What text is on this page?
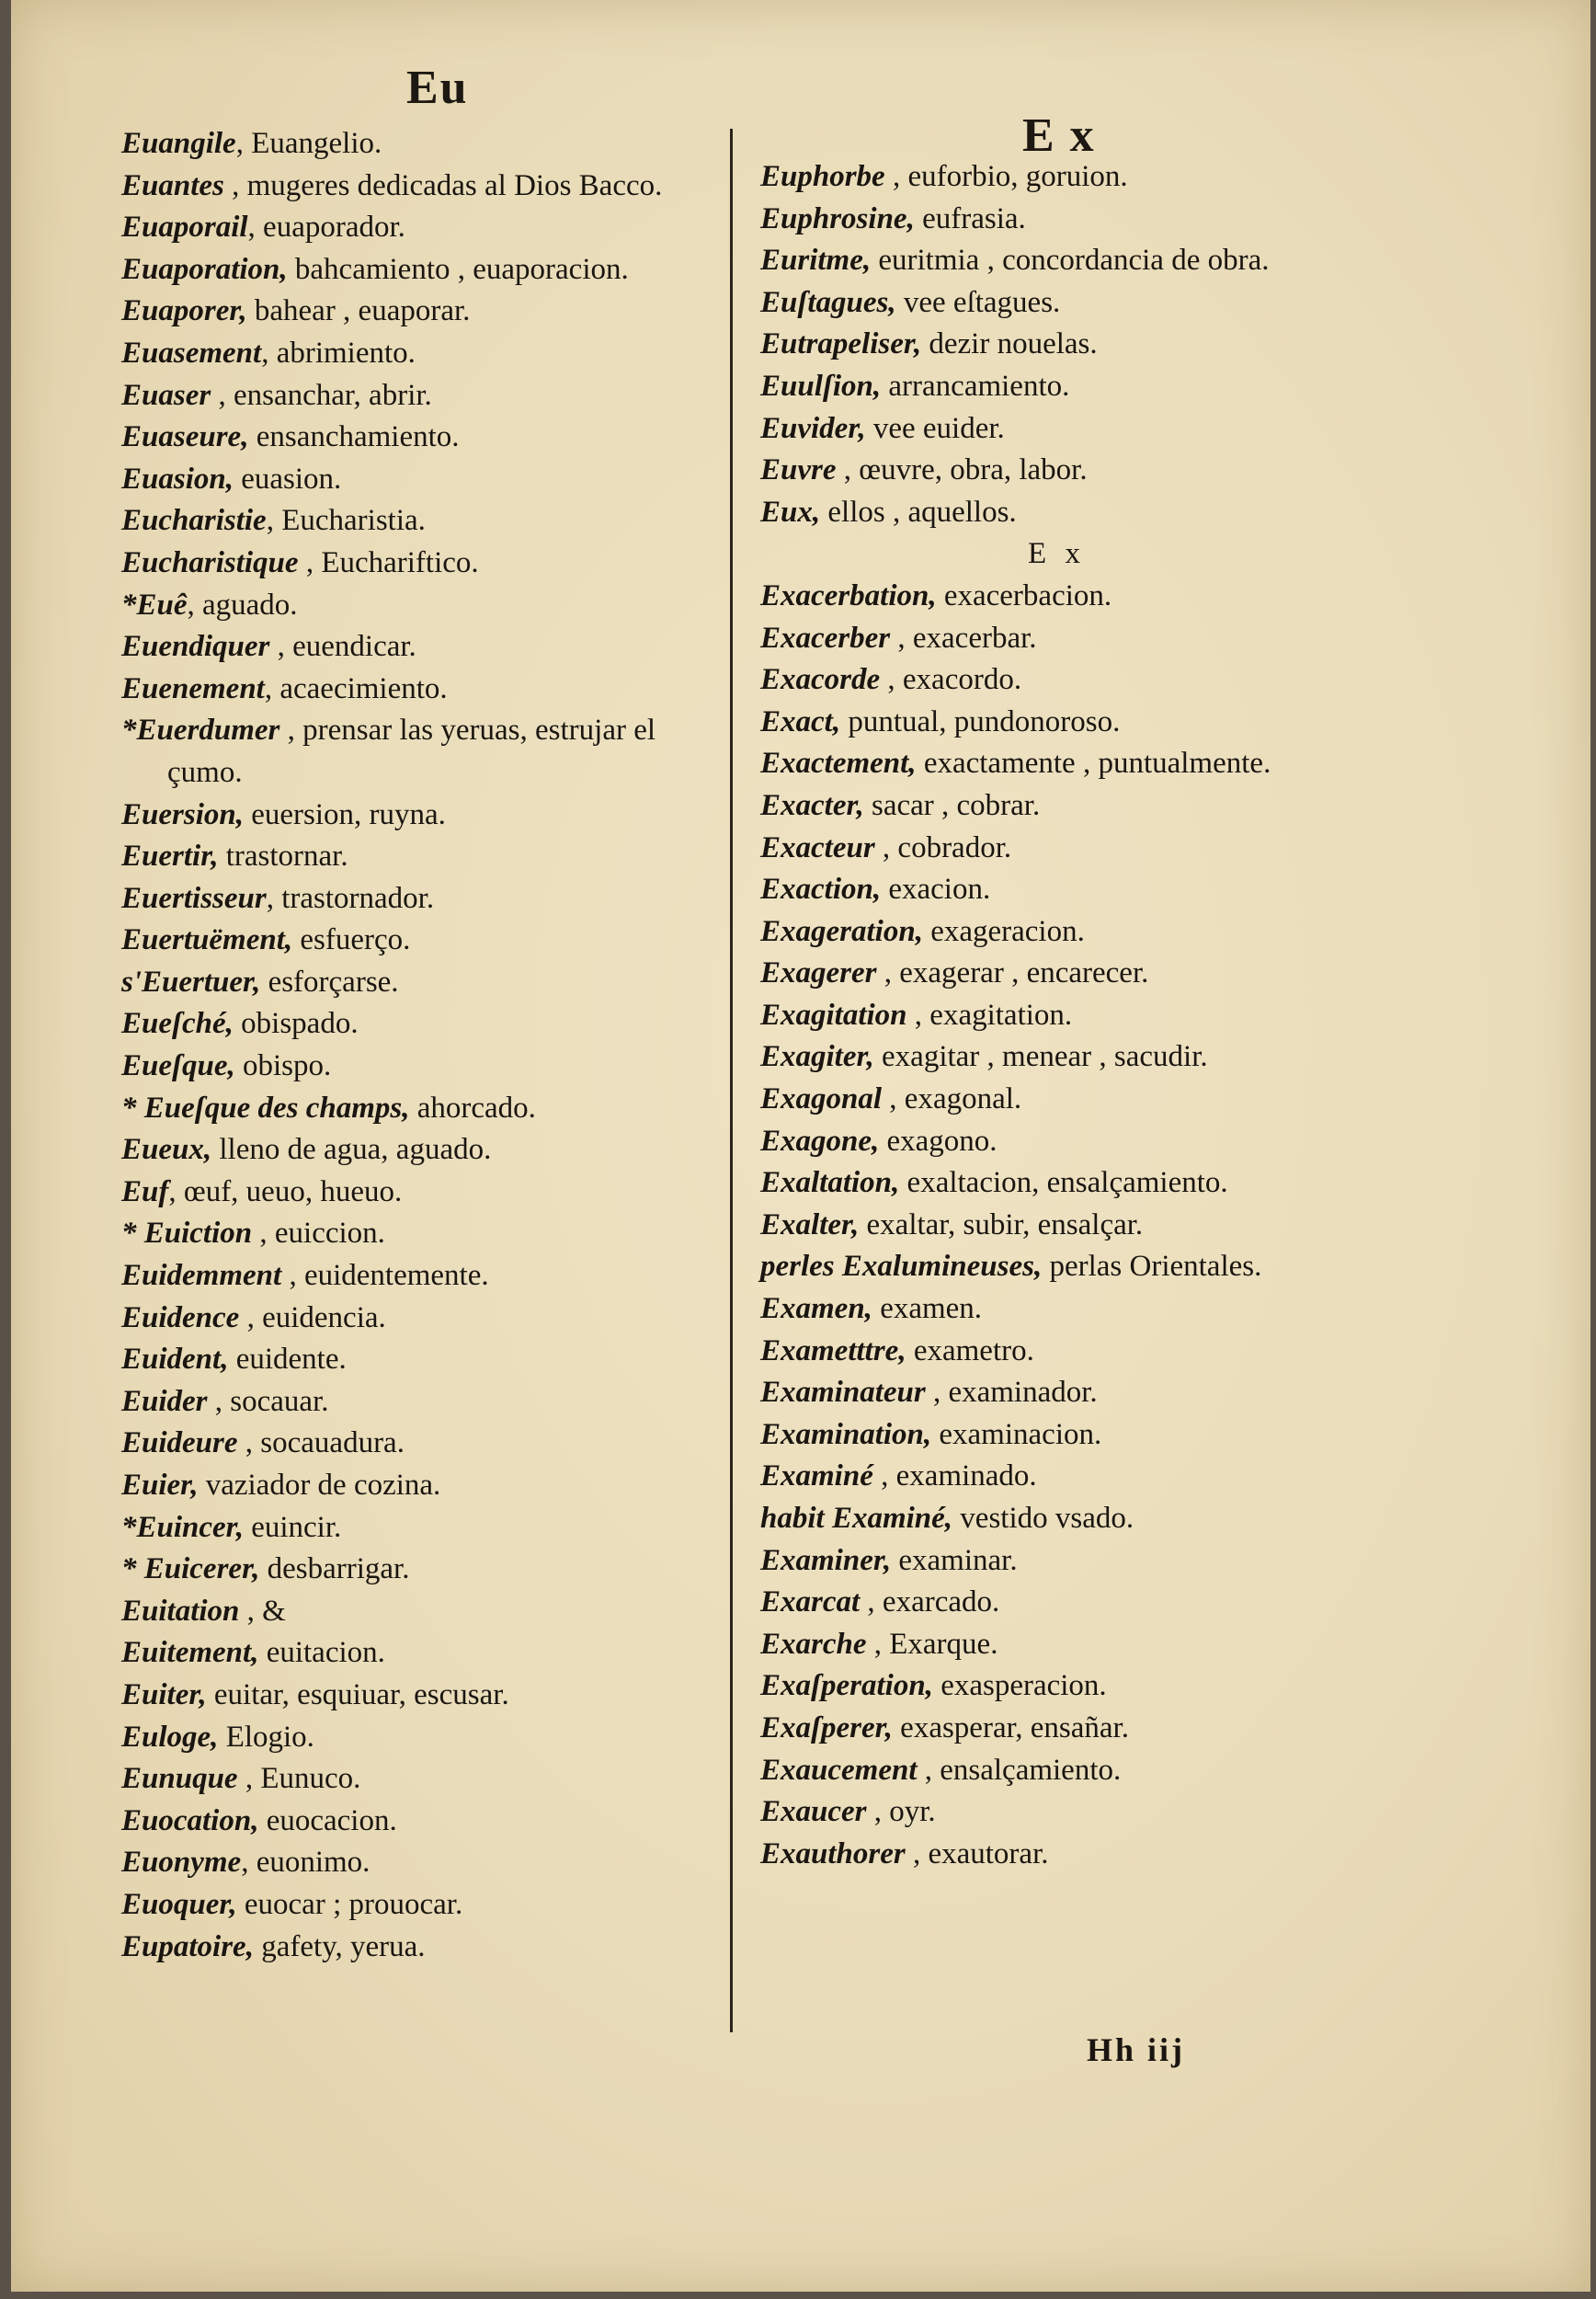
Eu
E x
Euangile, Euangelio.
Euantes , mugeres dedicadas al Dios Bacco.
Euaporail, euaporador.
Euaporation, bahcamiento , euaporacion.
Euaporer, bahear , euaporar.
Euasement, abrimiento.
Euaser , ensanchar, abrir.
Euaseure, ensanchamiento.
Euasion, euasion.
Eucharistie, Eucharistia.
Eucharistique , Euchariftico.
*Euê, aguado.
Euendiquer , euendicar.
Euenement, acaecimiento.
*Euerdumer , prensar las yeruas, estrujar el çumo.
Euersion, euersion, ruyna.
Euertir, trastornar.
Euertisseur, trastornador.
Euertuëment, esfuerço.
s'Euertuer, esforçarse.
Eueſché, obispado.
Eueſque, obispo.
* Eueſque des champs, ahorcado.
Eueux, lleno de agua, aguado.
Euf, œuf, ueuo, hueuo.
* Euiction , euiccion.
Euidemment , euidentemente.
Euidence , euidencia.
Euident, euidente.
Euider , socauar.
Euideure , socauadura.
Euier, vaziador de cozina.
*Euincer, euincir.
* Euicerer, desbarrigar.
Euitation , &
Euitement, euitacion.
Euiter, euitar, esquiuar, escusar.
Euloge, Elogio.
Eunuque , Eunuco.
Euocation, euocacion.
Euonyme, euonimo.
Euoquer, euocar ; prouocar.
Eupatoire, gafety, yerua.
Euphorbe , euforbio, goruion.
Euphrosine, eufrasia.
Euritme, euritmia , concordancia de obra.
Euſtagues, vee eſtagues.
Eutrapeliser, dezir nouelas.
Euulſion, arrancamiento.
Euvider, vee euider.
Euvre , œuvre, obra, labor.
Eux, ellos , aquellos.
E x
Exacerbation, exacerbacion.
Exacerber , exacerbar.
Exacorde , exacordo.
Exact, puntual, pundonoroso.
Exactement, exactamente , puntualmente.
Exacter, sacar , cobrar.
Exacteur , cobrador.
Exaction, exacion.
Exageration, exageracion.
Exagerer , exagerar , encarecer.
Exagitation , exagitation.
Exagiter, exagitar , menear , sacudir.
Exagonal , exagonal.
Exagone, exagono.
Exaltation, exaltacion, ensalçamiento.
Exalter, exaltar, subir, ensalçar.
perles Exalumineuses, perlas Orientales.
Examen, examen.
Exametttre, exametro.
Examinateur , examinador.
Examination, examinacion.
Examiné , examinado.
habit Examiné, vestido vsado.
Examiner, examinar.
Exarcat , exarcado.
Exarche , Exarque.
Exaſperation, exasperacion.
Exaſperer, exasperar, ensañar.
Exaucement , ensalçamiento.
Exaucer , oyr.
Exauthorer , exautorar.
Hh iij
